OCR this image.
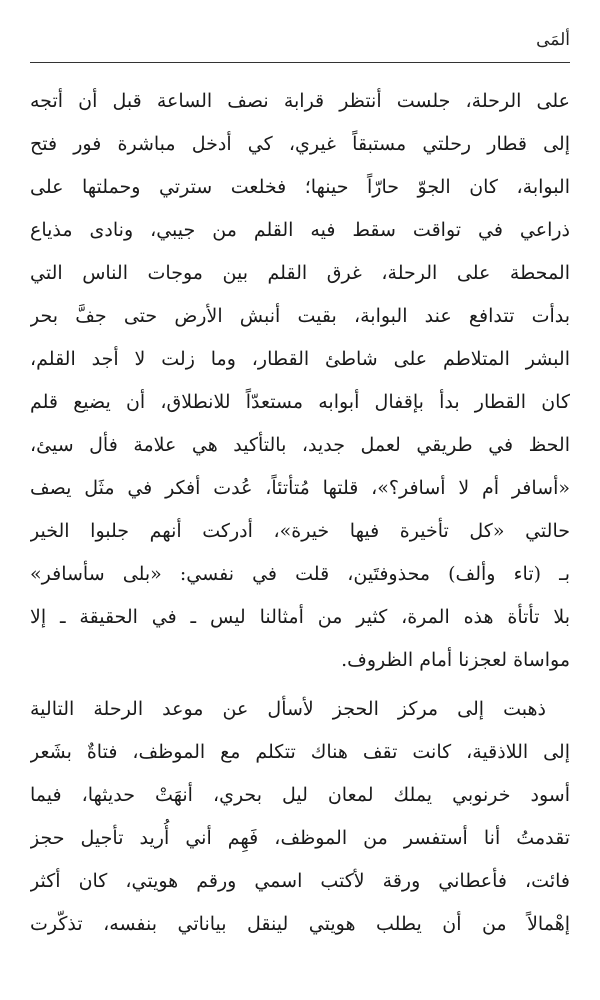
ألمَى

على الرحلة، جلست أنتظر قرابة نصف الساعة قبل أن أتجه
إلى قطار رحلتي مستبقاً غيري، كي أدخل مباشرة فور فتح
البوابة، كان الجوّ حارّاً حينها؛ فخلعت سترتي وحملتها على
ذراعي في تواقت سقط فيه القلم من جيبي، ونادى مذياع
المحطة على الرحلة، غرق القلم بين موجات الناس التي
بدأت تتدافع عند البوابة، بقيت أنبش الأرض حتى جفَّ بحر
البشر المتلاطم على شاطئ القطار، وما زلت لا أجد القلم،
كان القطار بدأ بإقفال أبوابه مستعدّاً للانطلاق، أن يضيع قلم
الحظ في طريقي لعمل جديد، بالتأكيد هي علامة فأل سيئ،
«أسافر أم لا أسافر؟»، قلتها مُتأتئاً، عُدت أفكر في مثَل يصف
حالتي «كل تأخيرة فيها خيرة»، أدركت أنهم جلبوا الخير
بـ (تاء وألف) محذوفتَين، قلت في نفسي: «بلى سأسافر»
بلا تأتأة هذه المرة، كثير من أمثالنا ليس ـ في الحقيقة ـ إلا
مواساة لعجزنا أمام الظروف.

ذهبت إلى مركز الحجز لأسأل عن موعد الرحلة التالية
إلى اللاذقية، كانت تقف هناك تتكلم مع الموظف، فتاةٌ بشَعر
أسود خرنوبي يملك لمعان ليل بحري، أنهَتْ حديثها، فيما
تقدمتُ أنا أستفسر من الموظف، فَهِم أني أُريد تأجيل حجز
فائت، فأعطاني ورقة لأكتب اسمي ورقم هويتي، كان أكثر
إهْمالاً من أن يطلب هويتي لينقل بياناتي بنفسه، تذكّرت
